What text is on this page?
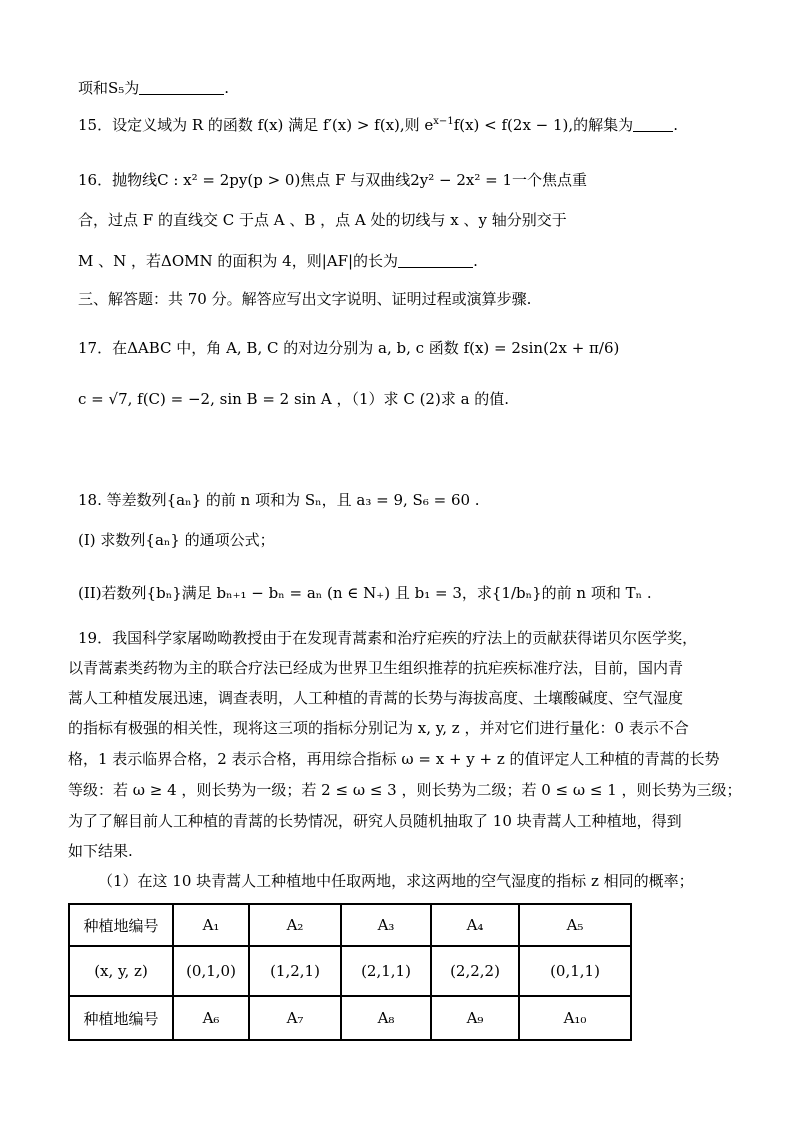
项和S₅为	.
15．设定义域为 R 的函数 f(x) 满足 f′(x) > f(x),则 $e^{x-1}f(x) < f(2x - 1)$,的解集为	.
16．抛物线C : x² = 2py(p > 0)焦点 F 与双曲线2y² − 2x² = 1一个焦点重
合，过点 F 的直线交 C 于点 A 、B ，点 A 处的切线与 x 、y 轴分别交于
M 、N ，若ΔOMN 的面积为 4，则|AF|的长为	.
三、解答题：共 70 分。解答应写出文字说明、证明过程或演算步骤.
17．在ΔABC 中，角 A, B, C 的对边分别为 a, b, c 函数 f(x) = 2sin(2x + π/6)
c = √7, f(C) = −2, sin B = 2 sin A ，（1）求 C (2)求 a 的值.
18. 等差数列{aₙ} 的前 n 项和为 Sₙ，且 a₃ = 9, S₆ = 60 .
(I) 求数列{aₙ} 的通项公式；
(II)若数列{bₙ}满足 bₙ₊₁ − bₙ = aₙ (n ∈ N₊) 且 b₁ = 3，求{1/bₙ}的前 n 项和 Tₙ .
19．我国科学家屠呦呦教授由于在发现青蒿素和治疗疟疾的疗法上的贡献获得诺贝尔医学奖，
以青蒿素类药物为主的联合疗法已经成为世界卫生组织推荐的抗疟疾标准疗法，目前，国内青
蒿人工种植发展迅速，调查表明，人工种植的青蒿的长势与海拔高度、土壤酸碱度、空气湿度
的指标有极强的相关性，现将这三项的指标分别记为 x, y, z ，并对它们进行量化：0 表示不合
格，1 表示临界合格，2 表示合格，再用综合指标 ω = x + y + z 的值评定人工种植的青蒿的长势
等级：若 ω ≥ 4 ，则长势为一级；若 2 ≤ ω ≤ 3 ，则长势为二级；若 0 ≤ ω ≤ 1 ，则长势为三级；
为了了解目前人工种植的青蒿的长势情况，研究人员随机抽取了 10 块青蒿人工种植地，得到
如下结果.
（1）在这 10 块青蒿人工种植地中任取两地，求这两地的空气湿度的指标 z 相同的概率；
种植地编号	A₁	A₂	A₃	A₄	A₅
(x, y, z)	(0,1,0)	(1,2,1)	(2,1,1)	(2,2,2)	(0,1,1)
种植地编号	A₆	A₇	A₈	A₉	A₁₀
